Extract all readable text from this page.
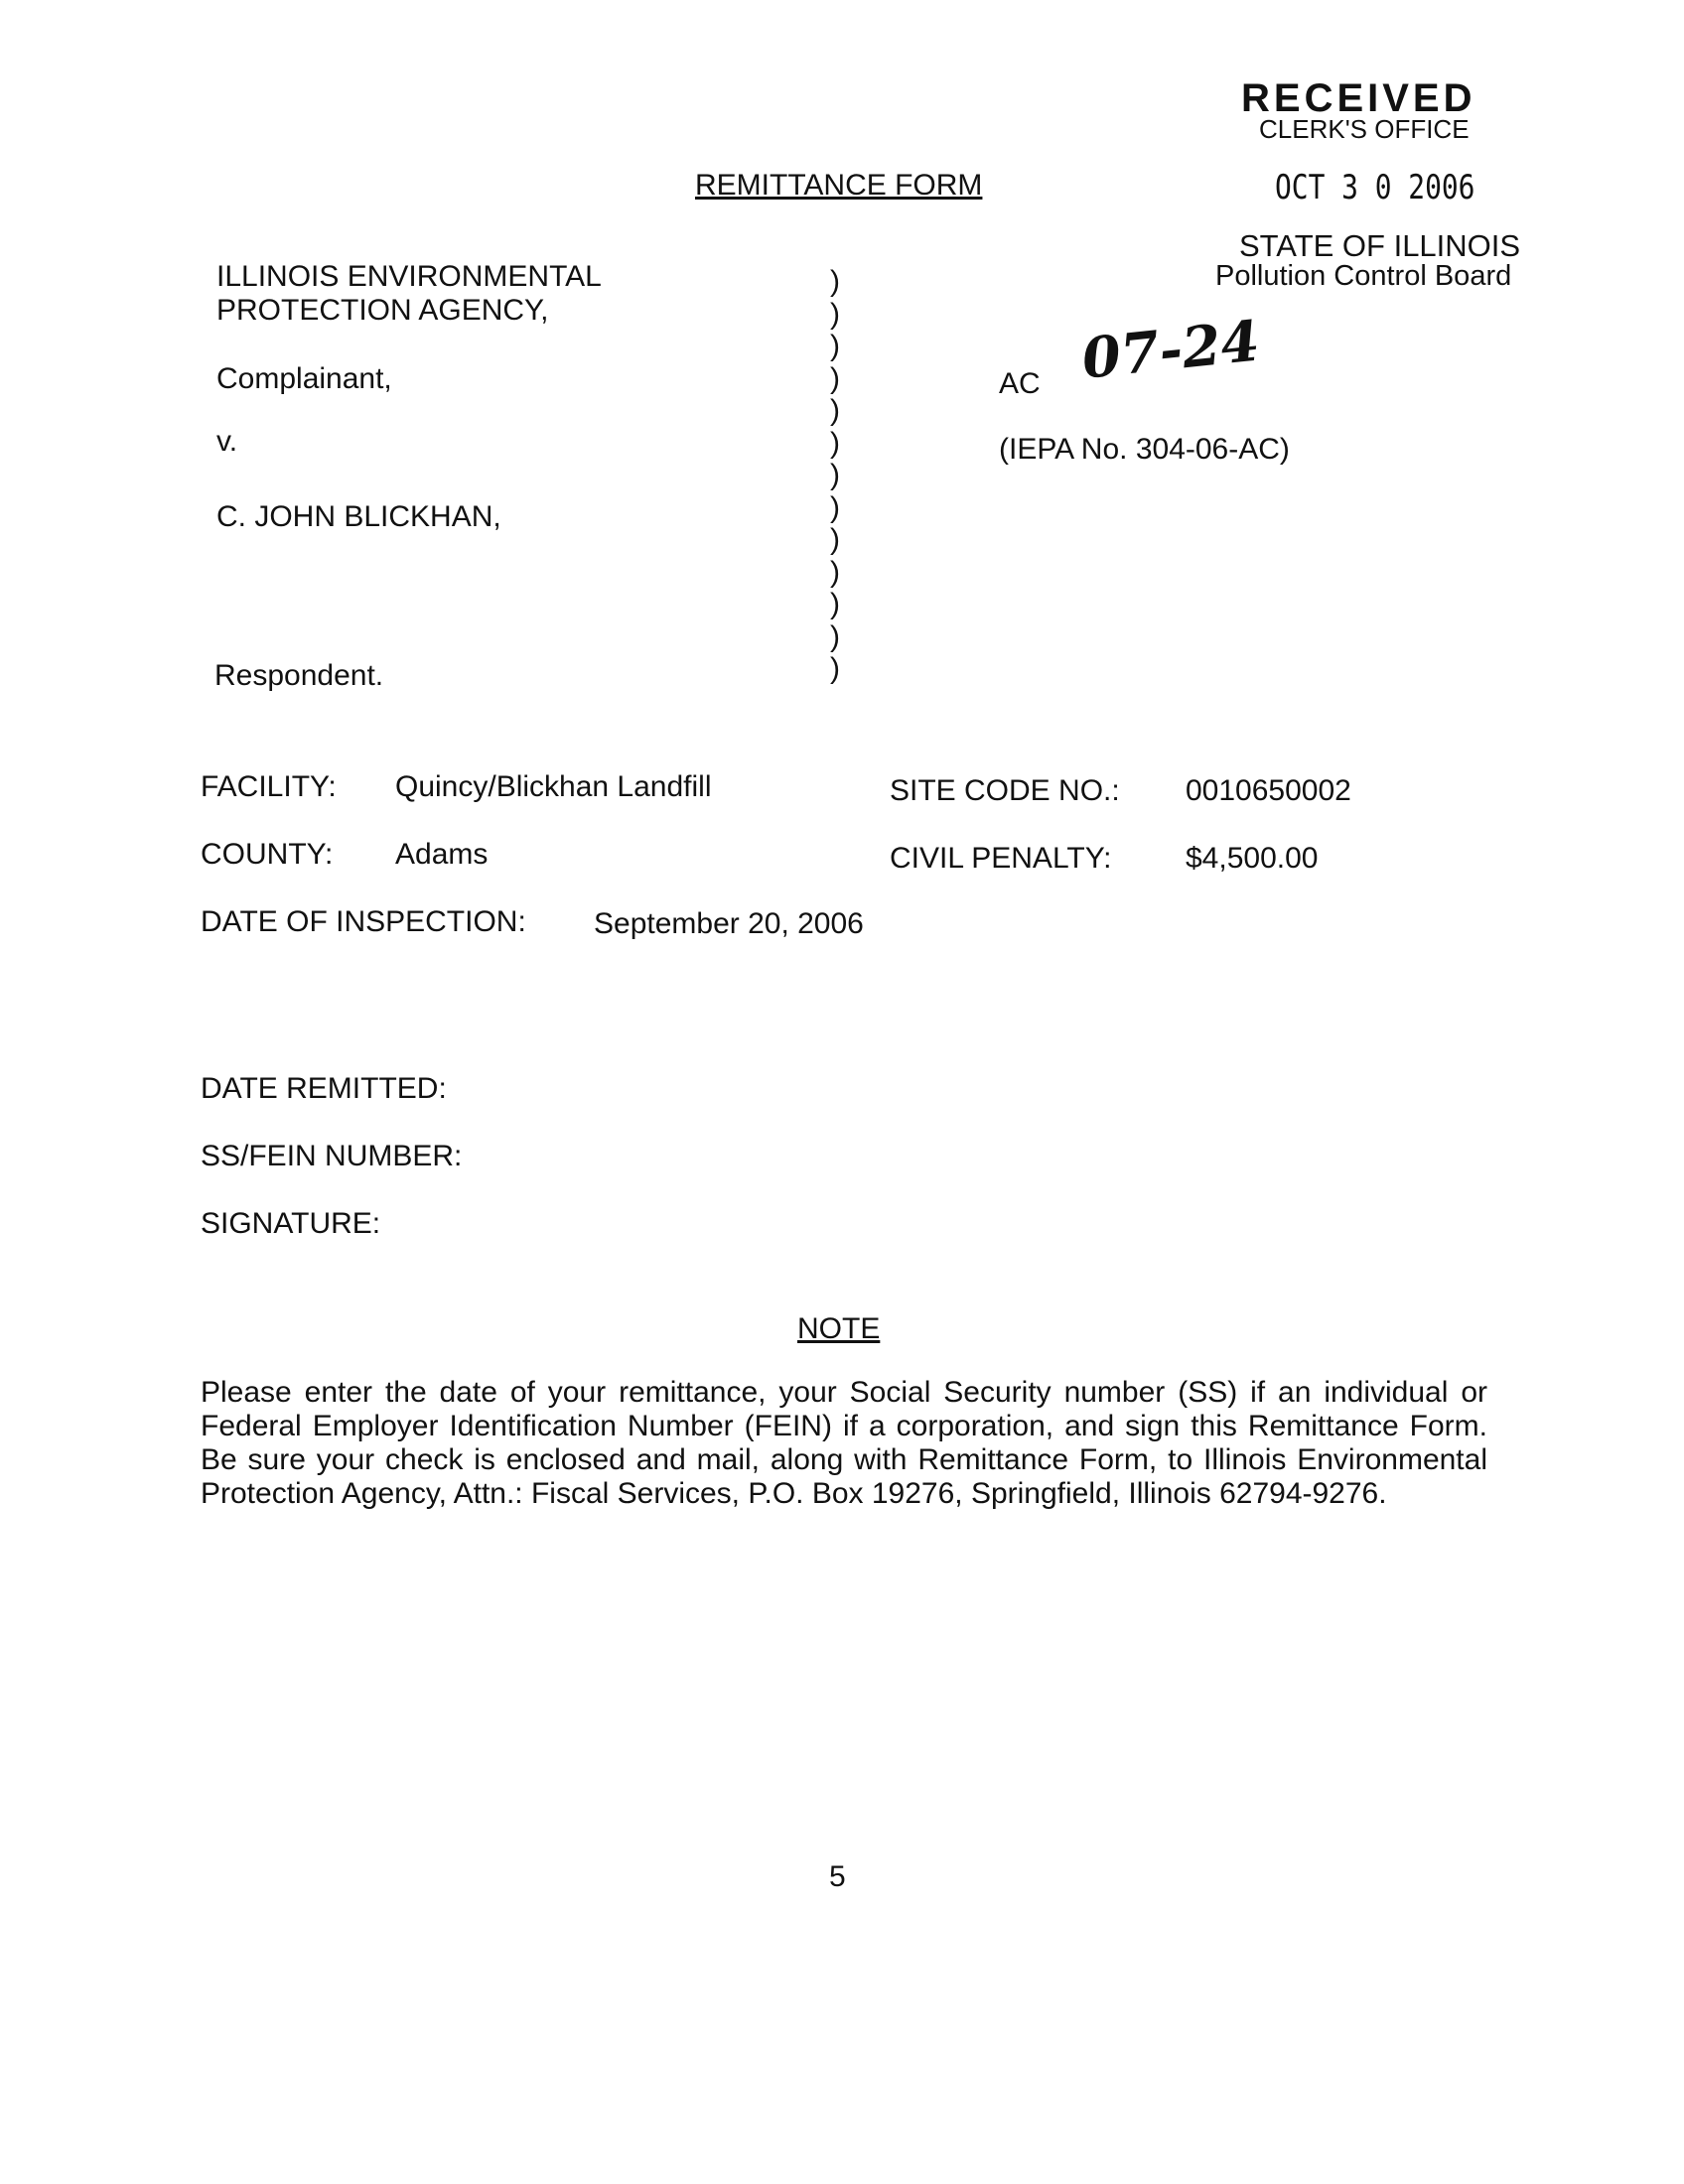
RECEIVED
CLERK'S OFFICE
OCT 3 0 2006
STATE OF ILLINOIS
Pollution Control Board
REMITTANCE FORM
ILLINOIS ENVIRONMENTAL
PROTECTION AGENCY,
Complainant,
v.
C. JOHN BLICKHAN,
Respondent.
)
)
)
)
)
)
)
)
)
)
)
)
)
AC 07-24
(IEPA No. 304-06-AC)
FACILITY: Quincy/Blickhan Landfill	SITE CODE NO.: 0010650002
COUNTY: Adams	CIVIL PENALTY: $4,500.00
DATE OF INSPECTION: September 20, 2006
DATE REMITTED:
SS/FEIN NUMBER:
SIGNATURE:
NOTE
Please enter the date of your remittance, your Social Security number (SS) if an individual or Federal Employer Identification Number (FEIN) if a corporation, and sign this Remittance Form. Be sure your check is enclosed and mail, along with Remittance Form, to Illinois Environmental Protection Agency, Attn.: Fiscal Services, P.O. Box 19276, Springfield, Illinois 62794-9276.
5
